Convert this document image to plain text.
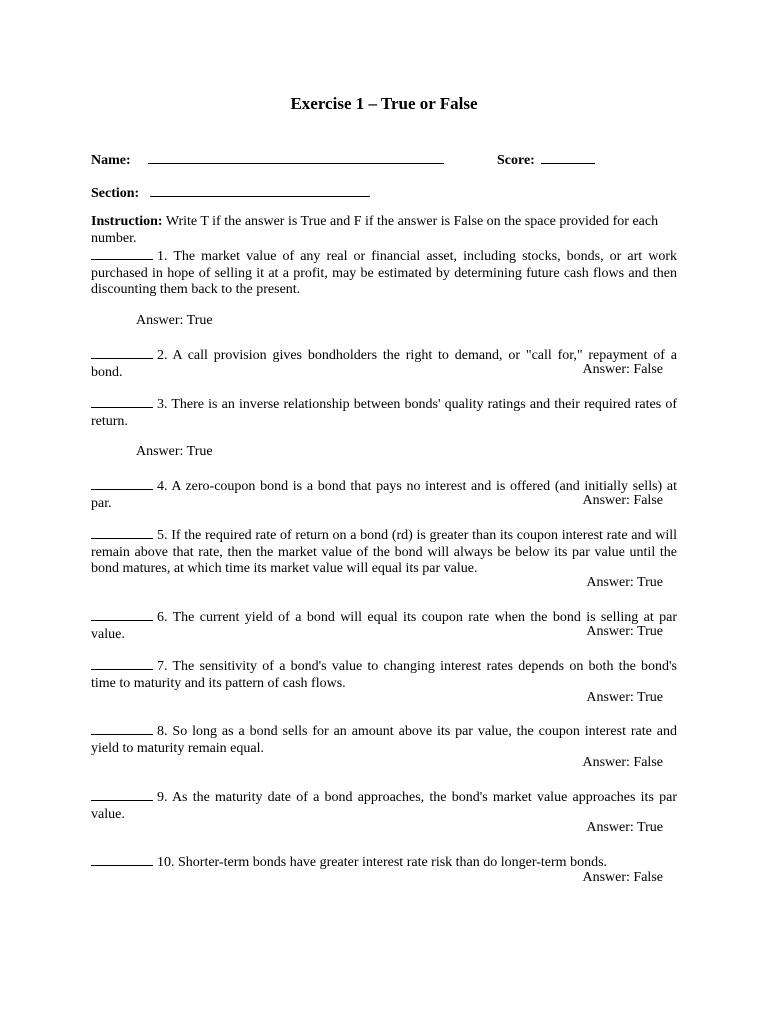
Exercise 1 – True or False
Name:	Score:
Section:
Instruction: Write T if the answer is True and F if the answer is False on the space provided for each number.
1. The market value of any real or financial asset, including stocks, bonds, or art work purchased in hope of selling it at a profit, may be estimated by determining future cash flows and then discounting them back to the present.
Answer: True
2. A call provision gives bondholders the right to demand, or "call for," repayment of a bond.	Answer: False
3. There is an inverse relationship between bonds' quality ratings and their required rates of return.
Answer: True
4. A zero-coupon bond is a bond that pays no interest and is offered (and initially sells) at par.	Answer: False
5. If the required rate of return on a bond (rd) is greater than its coupon interest rate and will remain above that rate, then the market value of the bond will always be below its par value until the bond matures, at which time its market value will equal its par value.
Answer: True
6. The current yield of a bond will equal its coupon rate when the bond is selling at par value.	Answer: True
7. The sensitivity of a bond's value to changing interest rates depends on both the bond's time to maturity and its pattern of cash flows.
Answer: True
8. So long as a bond sells for an amount above its par value, the coupon interest rate and yield to maturity remain equal.
Answer: False
9. As the maturity date of a bond approaches, the bond's market value approaches its par value.
Answer: True
10. Shorter-term bonds have greater interest rate risk than do longer-term bonds.
Answer: False
